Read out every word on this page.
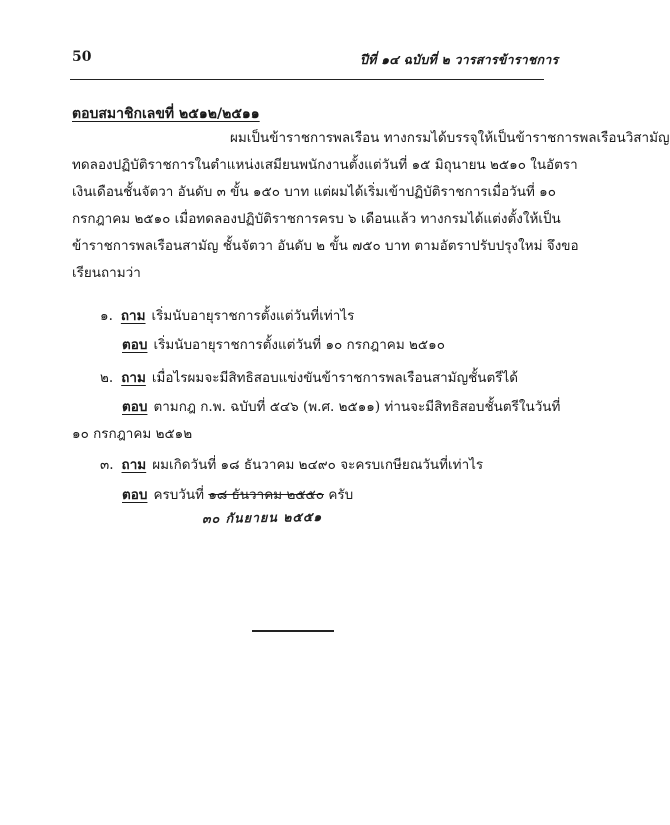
50	ปีที่ ๑๔ ฉบับที่ ๒ วารสารข้าราชการ
ตอบสมาชิกเลขที่ ๒๕๑๒/๒๕๑๑
ผมเป็นข้าราชการพลเรือน ทางกรมได้บรรจุให้เป็นข้าราชการพลเรือนวิสามัญ
ทดลองปฏิบัติราชการในตำแหน่งเสมียนพนักงานตั้งแต่วันที่ ๑๕ มิถุนายน ๒๕๑๐ ในอัตรา
เงินเดือนชั้นจัตวา อันดับ ๓ ขั้น ๑๕๐ บาท แต่ผมได้เริ่มเข้าปฏิบัติราชการเมื่อวันที่ ๑๐
กรกฎาคม ๒๕๑๐ เมื่อทดลองปฏิบัติราชการครบ ๖ เดือนแล้ว ทางกรมได้แต่งตั้งให้เป็น
ข้าราชการพลเรือนสามัญ ชั้นจัตวา อันดับ ๒ ขั้น ๗๕๐ บาท ตามอัตราปรับปรุงใหม่ จึงขอ
เรียนถามว่า
๑. ถาม เริ่มนับอายุราชการตั้งแต่วันที่เท่าไร
ตอบ เริ่มนับอายุราชการตั้งแต่วันที่ ๑๐ กรกฎาคม ๒๕๑๐
๒. ถาม เมื่อไรผมจะมีสิทธิสอบแข่งขันข้าราชการพลเรือนสามัญชั้นตรีได้
ตอบ ตามกฎ ก.พ. ฉบับที่ ๕๔๖ (พ.ศ. ๒๕๑๑) ท่านจะมีสิทธิสอบชั้นตรีในวันที่
๑๐ กรกฎาคม ๒๕๑๒
๓. ถาม ผมเกิดวันที่ ๑๘ ธันวาคม ๒๔๙๐ จะครบเกษียณวันที่เท่าไร
ตอบ ครบวันที่ ๑๘ ธันวาคม ๒๕๕๐ ครับ
๓๐ กันยายน ๒๕๕๑
